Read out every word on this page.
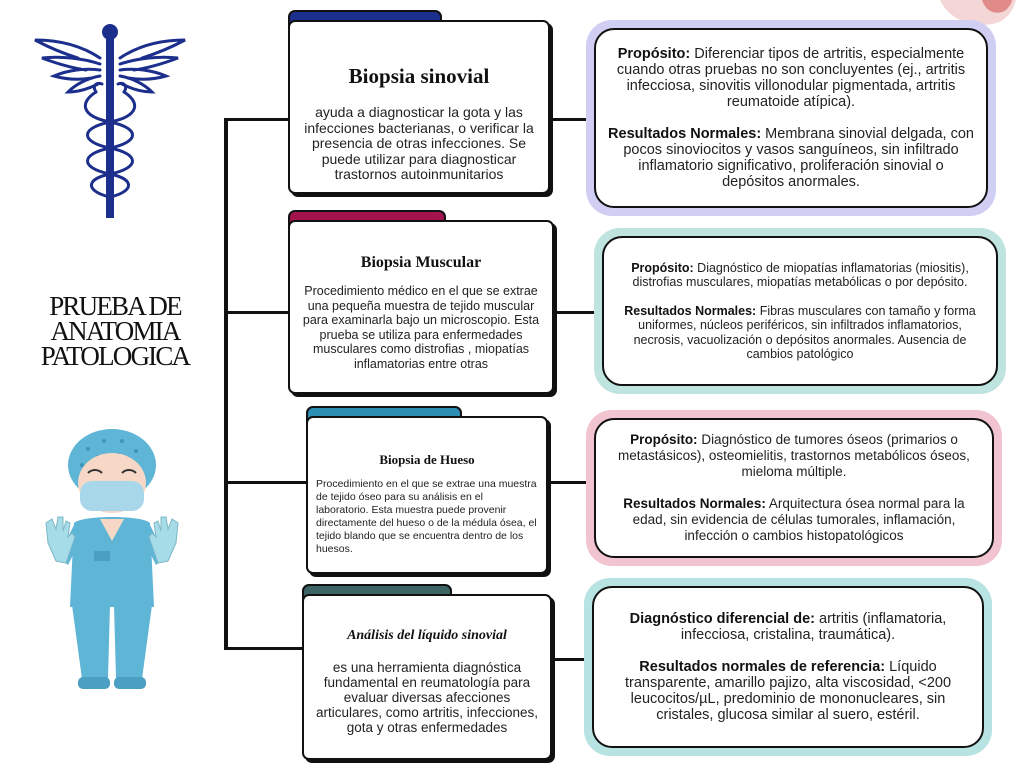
PRUEBA DE ANATOMIA PATOLOGICA
Biopsia sinovial
ayuda a diagnosticar la gota y las infecciones bacterianas, o verificar la presencia de otras infecciones. Se puede utilizar para diagnosticar trastornos autoinmunitarios

Propósito: Diferenciar tipos de artritis, especialmente cuando otras pruebas no son concluyentes (ej., artritis infecciosa, sinovitis villonodular pigmentada, artritis reumatoide atípica).

Resultados Normales: Membrana sinovial delgada, con pocos sinoviocitos y vasos sanguíneos, sin infiltrado inflamatorio significativo, proliferación sinovial o depósitos anormales.

Biopsia Muscular
Procedimiento médico en el que se extrae una pequeña muestra de tejido muscular para examinarla bajo un microscopio. Esta prueba se utiliza para enfermedades musculares como distrofias , miopatías inflamatorias entre otras

Propósito: Diagnóstico de miopatías inflamatorias (miositis), distrofias musculares, miopatías metabólicas o por depósito.

Resultados Normales: Fibras musculares con tamaño y forma uniformes, núcleos periféricos, sin infiltrados inflamatorios, necrosis, vacuolización o depósitos anormales. Ausencia de cambios patológico

Biopsia de Hueso
Procedimiento en el que se extrae una muestra de tejido óseo para su análisis en el laboratorio. Esta muestra puede provenir directamente del hueso o de la médula ósea, el tejido blando que se encuentra dentro de los huesos.

Propósito: Diagnóstico de tumores óseos (primarios o metastásicos), osteomielitis, trastornos metabólicos óseos, mieloma múltiple.

Resultados Normales: Arquitectura ósea normal para la edad, sin evidencia de células tumorales, inflamación, infección o cambios histopatológicos

Análisis del líquido sinovial
es una herramienta diagnóstica fundamental en reumatología para evaluar diversas afecciones articulares, como artritis, infecciones, gota y otras enfermedades

Diagnóstico diferencial de: artritis (inflamatoria, infecciosa, cristalina, traumática).

Resultados normales de referencia: Líquido transparente, amarillo pajizo, alta viscosidad, <200 leucocitos/µL, predominio de mononucleares, sin cristales, glucosa similar al suero, estéril.
